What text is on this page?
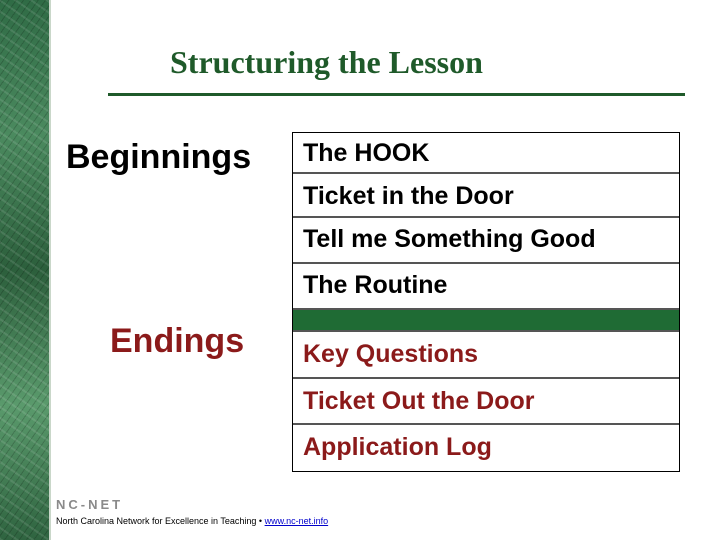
Structuring the Lesson
Beginnings
Endings
The HOOK
Ticket in the Door
Tell me Something Good
The Routine
Key Questions
Ticket Out the Door
Application Log
NC-NET
North Carolina Network for Excellence in Teaching • www.nc-net.info
